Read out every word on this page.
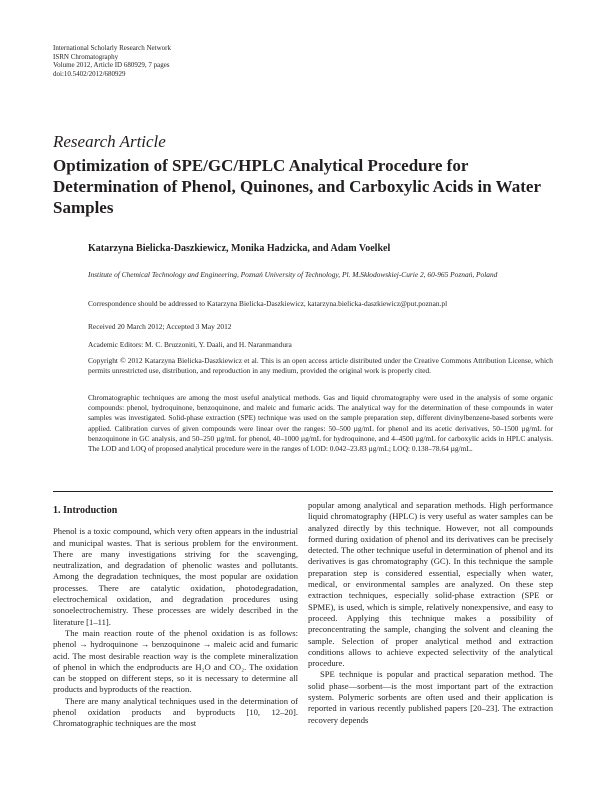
International Scholarly Research Network
ISRN Chromatography
Volume 2012, Article ID 680929, 7 pages
doi:10.5402/2012/680929
Research Article
Optimization of SPE/GC/HPLC Analytical Procedure for Determination of Phenol, Quinones, and Carboxylic Acids in Water Samples
Katarzyna Bielicka-Daszkiewicz, Monika Hadzicka, and Adam Voelkel
Institute of Chemical Technology and Engineering, Poznań University of Technology, Pl. M.Skłodowskiej-Curie 2, 60-965 Poznań, Poland
Correspondence should be addressed to Katarzyna Bielicka-Daszkiewicz, katarzyna.bielicka-daszkiewicz@put.poznan.pl
Received 20 March 2012; Accepted 3 May 2012
Academic Editors: M. C. Bruzzoniti, Y. Daali, and H. Naranmandura
Copyright © 2012 Katarzyna Bielicka-Daszkiewicz et al. This is an open access article distributed under the Creative Commons Attribution License, which permits unrestricted use, distribution, and reproduction in any medium, provided the original work is properly cited.
Chromatographic techniques are among the most useful analytical methods. Gas and liquid chromatography were used in the analysis of some organic compounds: phenol, hydroquinone, benzoquinone, and maleic and fumaric acids. The analytical way for the determination of these compounds in water samples was investigated. Solid-phase extraction (SPE) technique was used on the sample preparation step, different divinylbenzene-based sorbents were applied. Calibration curves of given compounds were linear over the ranges: 50–500 µg/mL for phenol and its acetic derivatives, 50–1500 µg/mL for benzoquinone in GC analysis, and 50–250 µg/mL for phenol, 40–1000 µg/mL for hydroquinone, and 4–4500 µg/mL for carboxylic acids in HPLC analysis. The LOD and LOQ of proposed analytical procedure were in the ranges of LOD: 0.042–23.83 µg/mL; LOQ: 0.138–78.64 µg/mL.
1. Introduction

Phenol is a toxic compound, which very often appears in the industrial and municipal wastes. That is serious problem for the environment. There are many investigations striving for the scavenging, neutralization, and degradation of phenolic wastes and pollutants. Among the degradation techniques, the most popular are oxidation processes. There are catalytic oxidation, photodegradation, electrochemical oxidation, and degradation procedures using sonoelectrochemistry. These processes are widely described in the literature [1–11].

The main reaction route of the phenol oxidation is as follows: phenol → hydroquinone → benzoquinone → maleic acid and fumaric acid. The most desirable reaction way is the complete mineralization of phenol in which the endproducts are H₂O and CO₂. The oxidation can be stopped on different steps, so it is necessary to determine all products and byproducts of the reaction.

There are many analytical techniques used in the determination of phenol oxidation products and byproducts [10, 12–20]. Chromatographic techniques are the most

popular among analytical and separation methods. High performance liquid chromatography (HPLC) is very useful as water samples can be analyzed directly by this technique. However, not all compounds formed during oxidation of phenol and its derivatives can be precisely detected. The other technique useful in determination of phenol and its derivatives is gas chromatography (GC). In this technique the sample preparation step is considered essential, especially when water, medical, or environmental samples are analyzed. On these step extraction techniques, especially solid-phase extraction (SPE or SPME), is used, which is simple, relatively nonexpensive, and easy to proceed. Applying this technique makes a possibility of preconcentrating the sample, changing the solvent and cleaning the sample. Selection of proper analytical method and extraction conditions allows to achieve expected selectivity of the analytical procedure.

SPE technique is popular and practical separation method. The solid phase—sorbent—is the most important part of the extraction system. Polymeric sorbents are often used and their application is reported in various recently published papers [20–23]. The extraction recovery depends
